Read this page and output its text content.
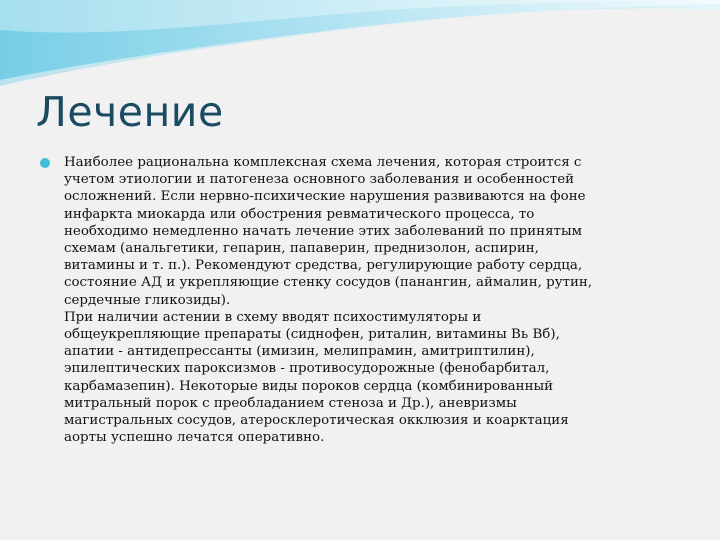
Лечение
Наиболее рациональна комплексная схема лечения, которая строится с
учетом этиологии и патогенеза основного заболевания и особенностей
осложнений. Если нервно-психические нарушения развиваются на фоне
инфаркта миокарда или обострения ревматического процесса, то
необходимо немедленно начать лечение этих заболеваний по принятым
схемам (анальгетики, гепарин, папаверин, преднизолон, аспирин,
витамины и т. п.). Рекомендуют средства, регулирующие работу сердца,
состояние АД и укрепляющие стенку сосудов (панангин, аймалин, рутин,
сердечные гликозиды).
При наличии астении в схему вводят психостимуляторы и
общеукрепляющие препараты (сиднофен, риталин, витамины Вь Вб),
апатии - антидепрессанты (имизин, мелипрамин, амитриптилин),
эпилептических пароксизмов - противосудорожные (фенобарбитал,
карбамазепин). Некоторые виды пороков сердца (комбинированный
митральный порок с преобладанием стеноза и Др.), аневризмы
магистральных сосудов, атеросклеротическая окклюзия и коарктация
аорты успешно лечатся оперативно.
